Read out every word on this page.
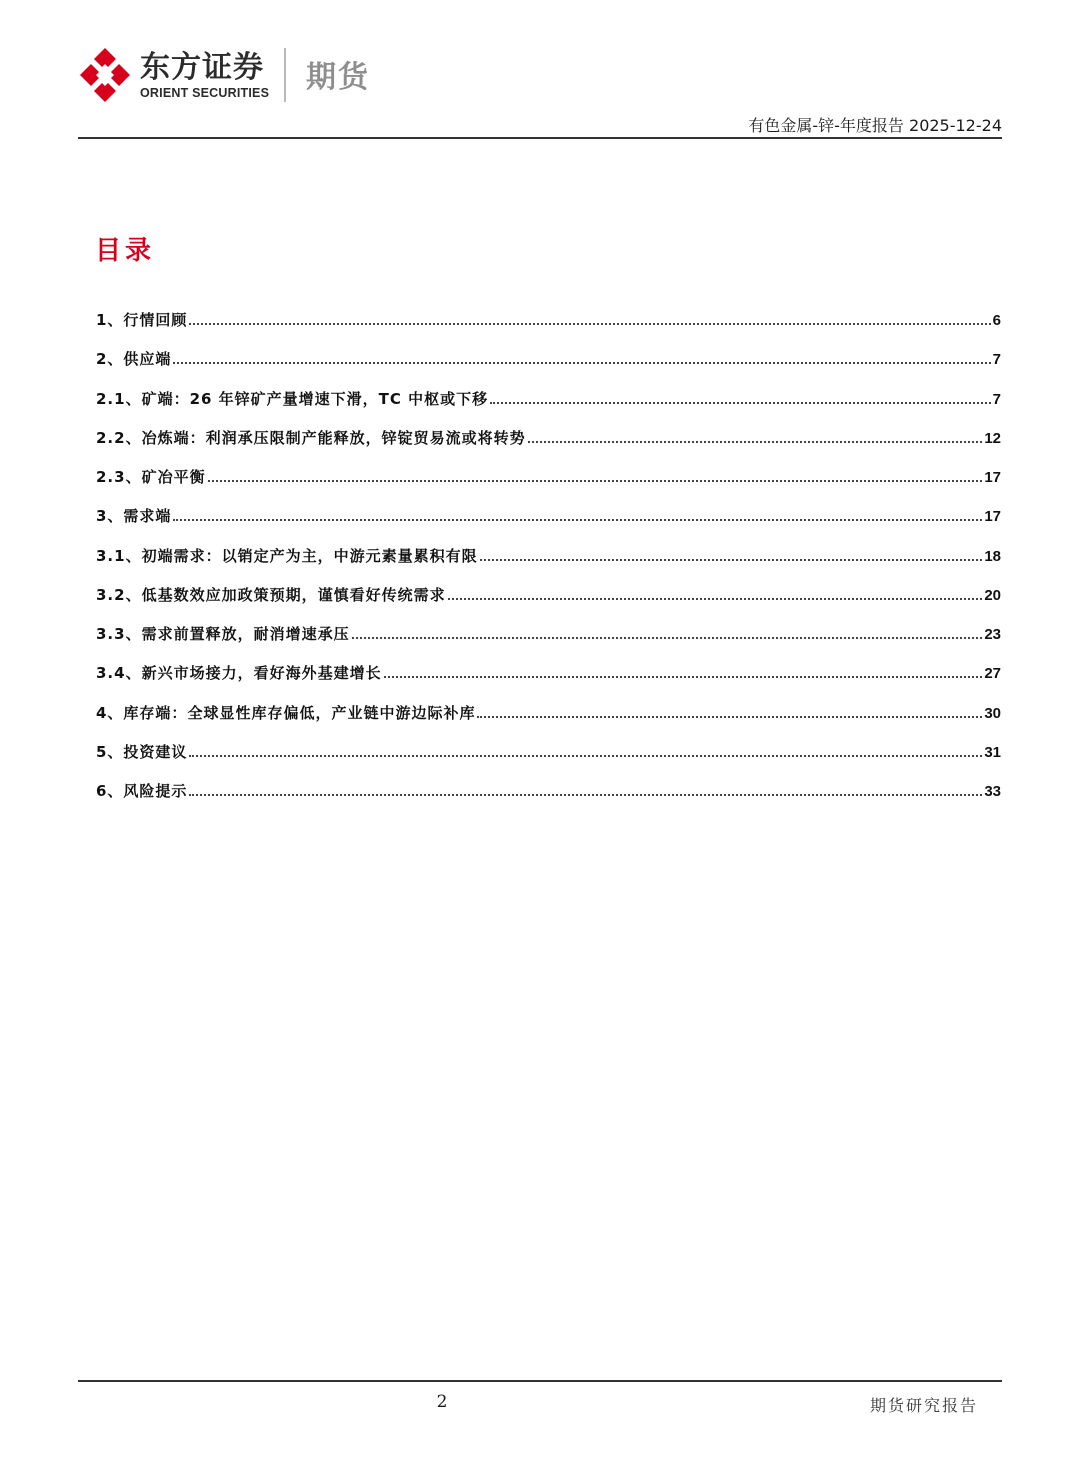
东方证券
ORIENT SECURITIES 期货
有色金属-锌-年度报告 2025-12-24
目录
1、行情回顾	6
2、供应端	7
2.1、矿端：26 年锌矿产量增速下滑，TC 中枢或下移	7
2.2、冶炼端：利润承压限制产能释放，锌锭贸易流或将转势	12
2.3、矿冶平衡	17
3、需求端	17
3.1、初端需求：以销定产为主，中游元素量累积有限	18
3.2、低基数效应加政策预期，谨慎看好传统需求	20
3.3、需求前置释放，耐消增速承压	23
3.4、新兴市场接力，看好海外基建增长	27
4、库存端：全球显性库存偏低，产业链中游边际补库	30
5、投资建议	31
6、风险提示	33
2	期货研究报告
